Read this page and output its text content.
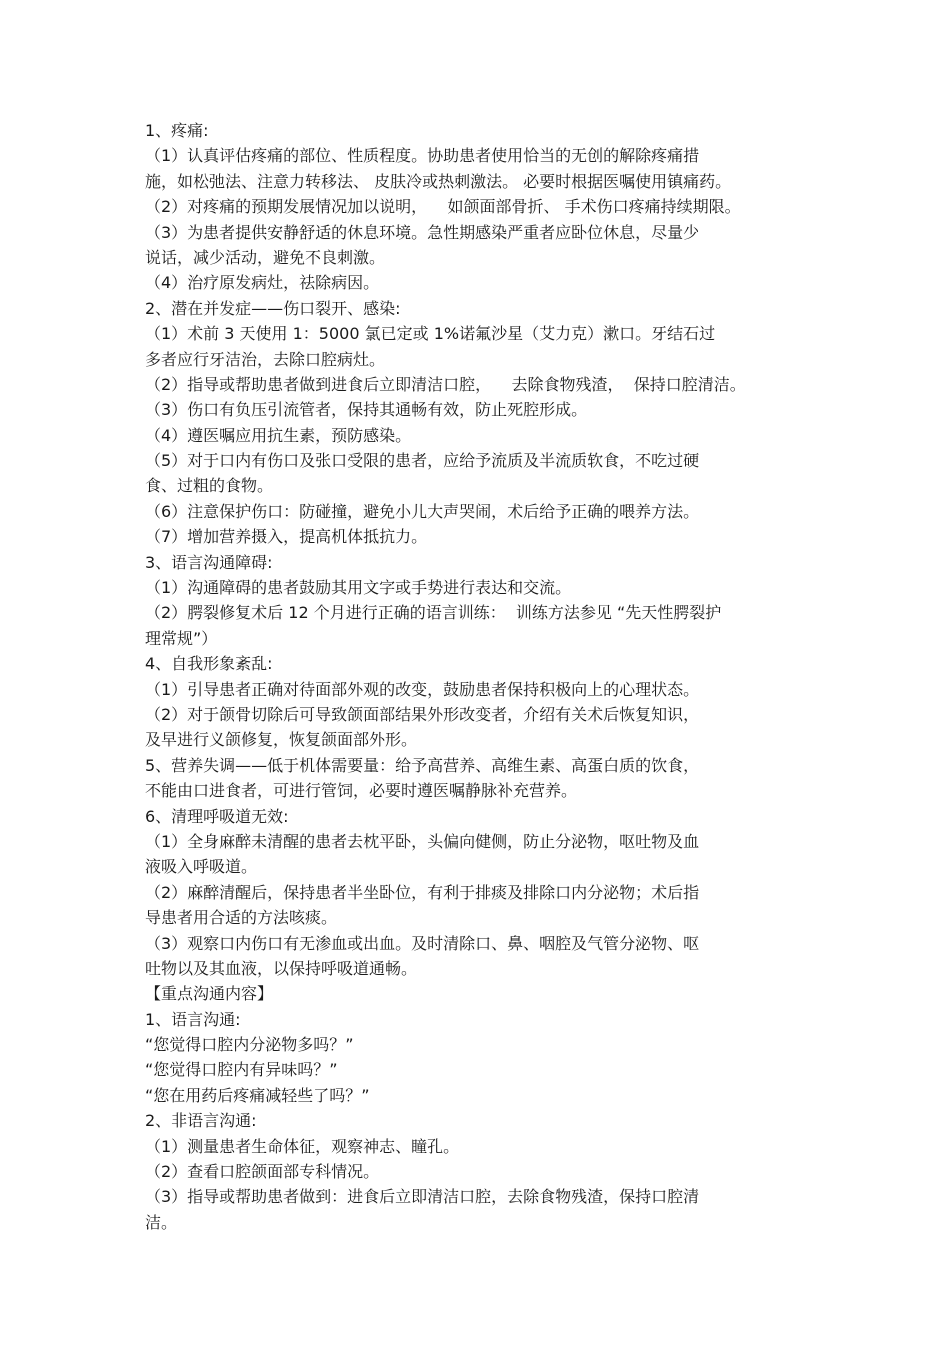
1、疼痛:
（1）认真评估疼痛的部位、性质程度。协助患者使用恰当的无创的解除疼痛措
施，如松弛法、注意力转移法、 皮肤冷或热刺激法。 必要时根据医嘱使用镇痛药。
（2）对疼痛的预期发展情况加以说明，    如颌面部骨折、 手术伤口疼痛持续期限。
（3）为患者提供安静舒适的休息环境。急性期感染严重者应卧位休息，尽量少
说话，减少活动，避免不良刺激。
（4）治疗原发病灶，祛除病因。
2、潜在并发症——伤口裂开、感染:
（1）术前 3 天使用 1：5000 氯已定或 1%诺氟沙星（艾力克）漱口。牙结石过
多者应行牙洁治，去除口腔病灶。
（2）指导或帮助患者做到进食后立即清洁口腔，    去除食物残渣，  保持口腔清洁。
（3）伤口有负压引流管者，保持其通畅有效，防止死腔形成。
（4）遵医嘱应用抗生素，预防感染。
（5）对于口内有伤口及张口受限的患者，应给予流质及半流质软食，不吃过硬
食、过粗的食物。
（6）注意保护伤口：防碰撞，避免小儿大声哭闹，术后给予正确的喂养方法。
（7）增加营养摄入，提高机体抵抗力。
3、语言沟通障碍:
（1）沟通障碍的患者鼓励其用文字或手势进行表达和交流。
（2）腭裂修复术后 12 个月进行正确的语言训练：  训练方法参见 “先天性腭裂护
理常规”）
4、自我形象紊乱:
（1）引导患者正确对待面部外观的改变，鼓励患者保持积极向上的心理状态。
（2）对于颌骨切除后可导致颌面部结果外形改变者，介绍有关术后恢复知识，
及早进行义颌修复，恢复颌面部外形。
5、营养失调——低于机体需要量：给予高营养、高维生素、高蛋白质的饮食，
不能由口进食者，可进行管饲，必要时遵医嘱静脉补充营养。
6、清理呼吸道无效:
（1）全身麻醉未清醒的患者去枕平卧，头偏向健侧，防止分泌物，呕吐物及血
液吸入呼吸道。
（2）麻醉清醒后，保持患者半坐卧位，有利于排痰及排除口内分泌物；术后指
导患者用合适的方法咳痰。
（3）观察口内伤口有无渗血或出血。及时清除口、鼻、咽腔及气管分泌物、呕
吐物以及其血液，以保持呼吸道通畅。
【重点沟通内容】
1、语言沟通:
“您觉得口腔内分泌物多吗？”
“您觉得口腔内有异味吗？”
“您在用药后疼痛减轻些了吗？”
2、非语言沟通:
（1）测量患者生命体征，观察神志、瞳孔。
（2）查看口腔颌面部专科情况。
（3）指导或帮助患者做到：进食后立即清洁口腔，去除食物残渣，保持口腔清
洁。
